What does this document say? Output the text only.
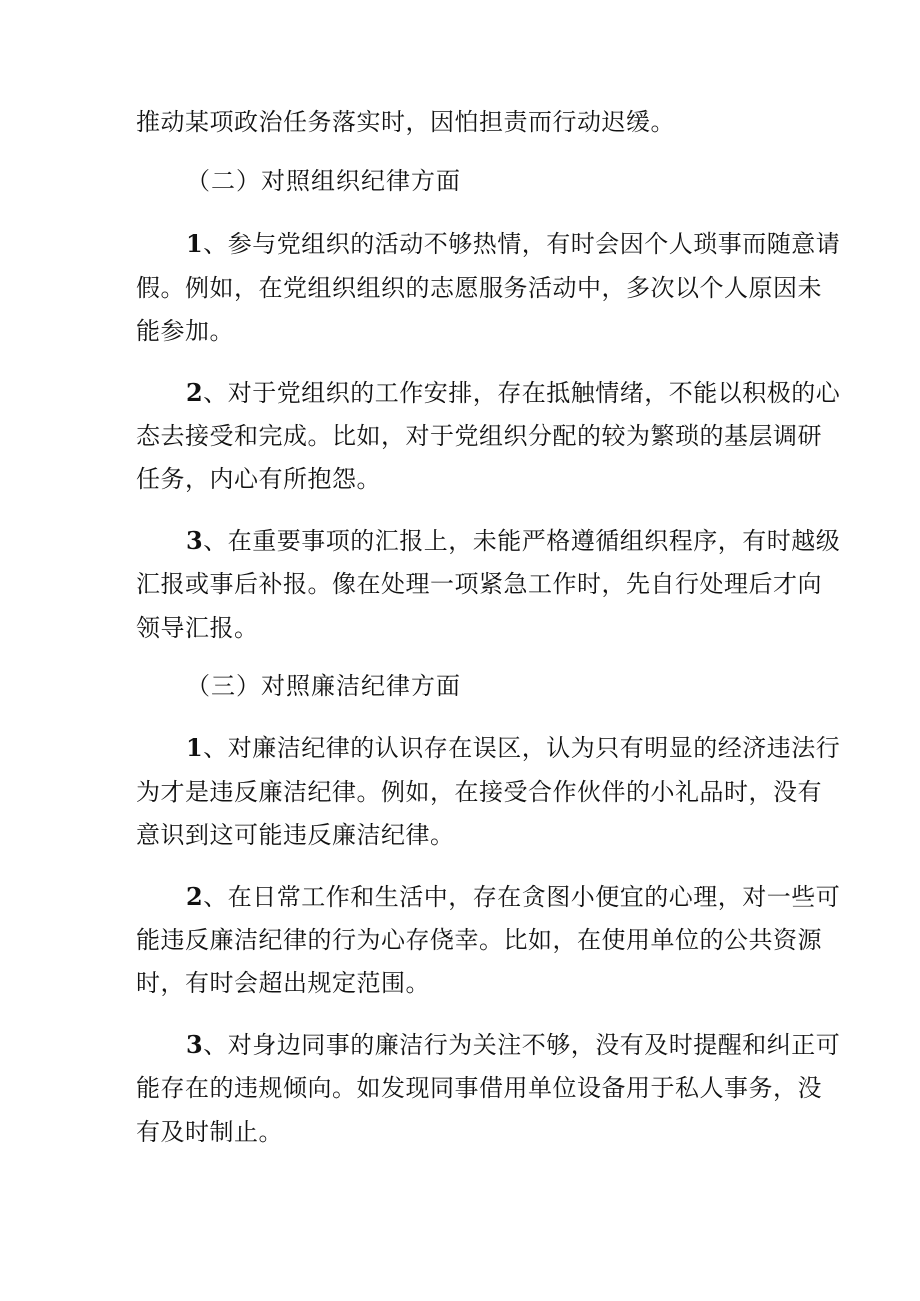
推动某项政治任务落实时，因怕担责而行动迟缓。
（二）对照组织纪律方面
1、参与党组织的活动不够热情，有时会因个人琐事而随意请
假。例如，在党组织组织的志愿服务活动中，多次以个人原因未
能参加。
2、对于党组织的工作安排，存在抵触情绪，不能以积极的心
态去接受和完成。比如，对于党组织分配的较为繁琐的基层调研
任务，内心有所抱怨。
3、在重要事项的汇报上，未能严格遵循组织程序，有时越级
汇报或事后补报。像在处理一项紧急工作时，先自行处理后才向
领导汇报。
（三）对照廉洁纪律方面
1、对廉洁纪律的认识存在误区，认为只有明显的经济违法行
为才是违反廉洁纪律。例如，在接受合作伙伴的小礼品时，没有
意识到这可能违反廉洁纪律。
2、在日常工作和生活中，存在贪图小便宜的心理，对一些可
能违反廉洁纪律的行为心存侥幸。比如，在使用单位的公共资源
时，有时会超出规定范围。
3、对身边同事的廉洁行为关注不够，没有及时提醒和纠正可
能存在的违规倾向。如发现同事借用单位设备用于私人事务，没
有及时制止。
